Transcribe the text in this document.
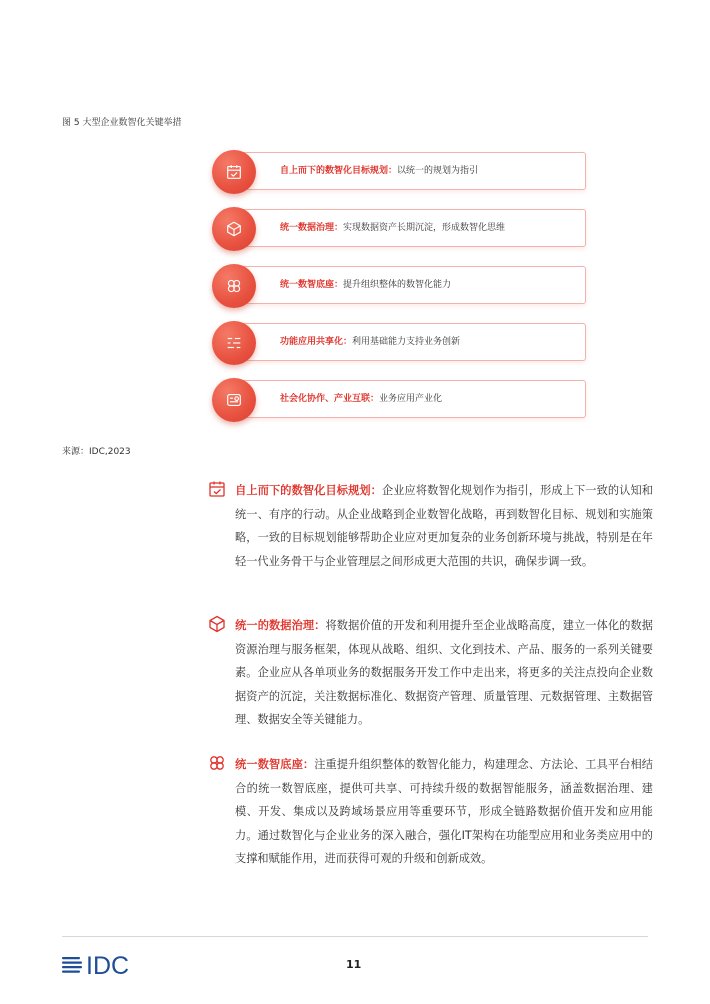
图 5 大型企业数智化关键举措
自上而下的数智化目标规划：以统一的规划为指引
统一数据治理：实现数据资产长期沉淀，形成数智化思维
统一数智底座：提升组织整体的数智化能力
功能应用共享化：利用基础能力支持业务创新
社会化协作、产业互联：业务应用产业化
来源：IDC,2023

自上而下的数智化目标规划：企业应将数智化规划作为指引，形成上下一致的认知和统一、有序的行动。从企业战略到企业数智化战略，再到数智化目标、规划和实施策略，一致的目标规划能够帮助企业应对更加复杂的业务创新环境与挑战，特别是在年轻一代业务骨干与企业管理层之间形成更大范围的共识，确保步调一致。

统一的数据治理：将数据价值的开发和利用提升至企业战略高度，建立一体化的数据资源治理与服务框架，体现从战略、组织、文化到技术、产品、服务的一系列关键要素。企业应从各单项业务的数据服务开发工作中走出来，将更多的关注点投向企业数据资产的沉淀，关注数据标准化、数据资产管理、质量管理、元数据管理、主数据管理、数据安全等关键能力。

统一数智底座：注重提升组织整体的数智化能力，构建理念、方法论、工具平台相结合的统一数智底座，提供可共享、可持续升级的数据智能服务，涵盖数据治理、建模、开发、集成以及跨域场景应用等重要环节，形成全链路数据价值开发和应用能力。通过数智化与企业业务的深入融合，强化IT架构在功能型应用和业务类应用中的支撑和赋能作用，进而获得可观的升级和创新成效。

IDC	11
